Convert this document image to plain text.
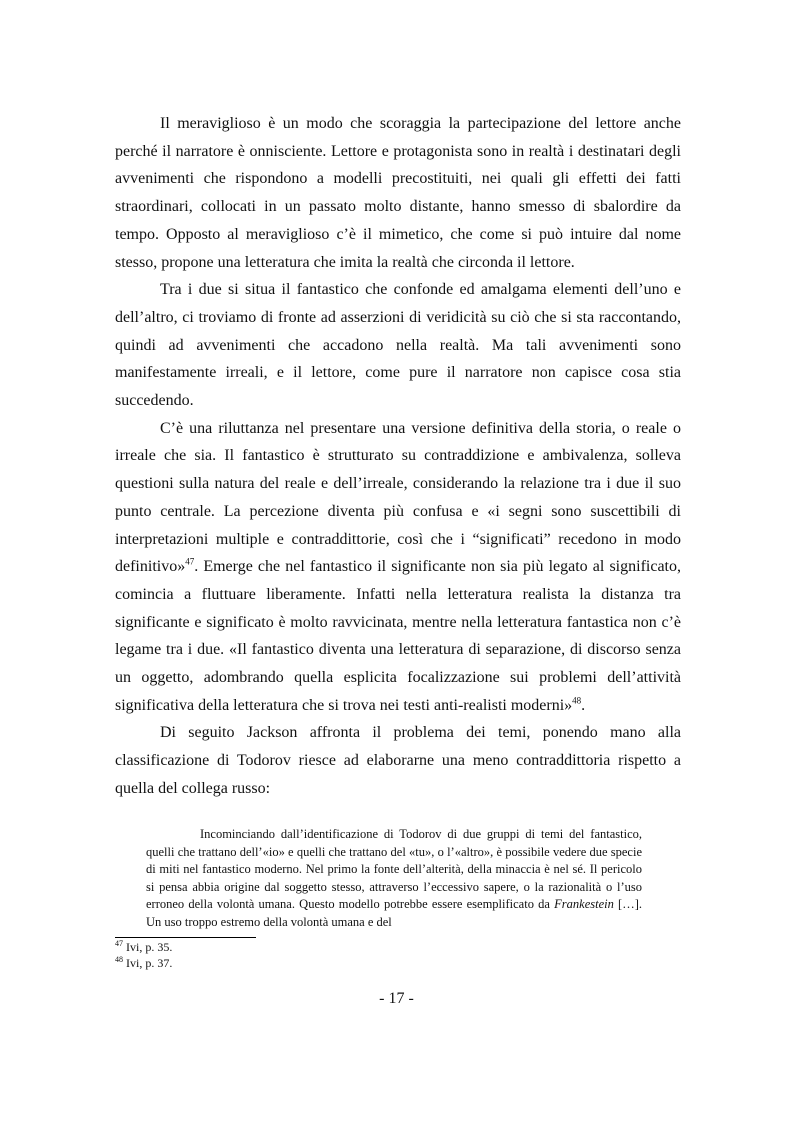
Il meraviglioso è un modo che scoraggia la partecipazione del lettore anche perché il narratore è onnisciente. Lettore e protagonista sono in realtà i destinatari degli avvenimenti che rispondono a modelli precostituiti, nei quali gli effetti dei fatti straordinari, collocati in un passato molto distante, hanno smesso di sbalordire da tempo. Opposto al meraviglioso c’è il mimetico, che come si può intuire dal nome stesso, propone una letteratura che imita la realtà che circonda il lettore.

Tra i due si situa il fantastico che confonde ed amalgama elementi dell’uno e dell’altro, ci troviamo di fronte ad asserzioni di veridicità su ciò che si sta raccontando, quindi ad avvenimenti che accadono nella realtà. Ma tali avvenimenti sono manifestamente irreali, e il lettore, come pure il narratore non capisce cosa stia succedendo.

C’è una riluttanza nel presentare una versione definitiva della storia, o reale o irreale che sia. Il fantastico è strutturato su contraddizione e ambivalenza, solleva questioni sulla natura del reale e dell’irreale, considerando la relazione tra i due il suo punto centrale. La percezione diventa più confusa e «i segni sono suscettibili di interpretazioni multiple e contraddittorie, così che i “significati” recedono in modo definitivo»$^{47}$. Emerge che nel fantastico il significante non sia più legato al significato, comincia a fluttuare liberamente. Infatti nella letteratura realista la distanza tra significante e significato è molto ravvicinata, mentre nella letteratura fantastica non c’è legame tra i due. «Il fantastico diventa una letteratura di separazione, di discorso senza un oggetto, adombrando quella esplicita focalizzazione sui problemi dell’attività significativa della letteratura che si trova nei testi anti-realisti moderni»$^{48}$.

Di seguito Jackson affronta il problema dei temi, ponendo mano alla classificazione di Todorov riesce ad elaborarne una meno contraddittoria rispetto a quella del collega russo:

Incominciando dall’identificazione di Todorov di due gruppi di temi del fantastico, quelli che trattano dell’«io» e quelli che trattano del «tu», o l’«altro», è possibile vedere due specie di miti nel fantastico moderno. Nel primo la fonte dell’alterità, della minaccia è nel sé. Il pericolo si pensa abbia origine dal soggetto stesso, attraverso l’eccessivo sapere, o la razionalità o l’uso erroneo della volontà umana. Questo modello potrebbe essere esemplificato da Frankestein […]. Un uso troppo estremo della volontà umana e del

$^{47}$ Ivi, p. 35.

$^{48}$ Ivi, p. 37.

- 17 -
